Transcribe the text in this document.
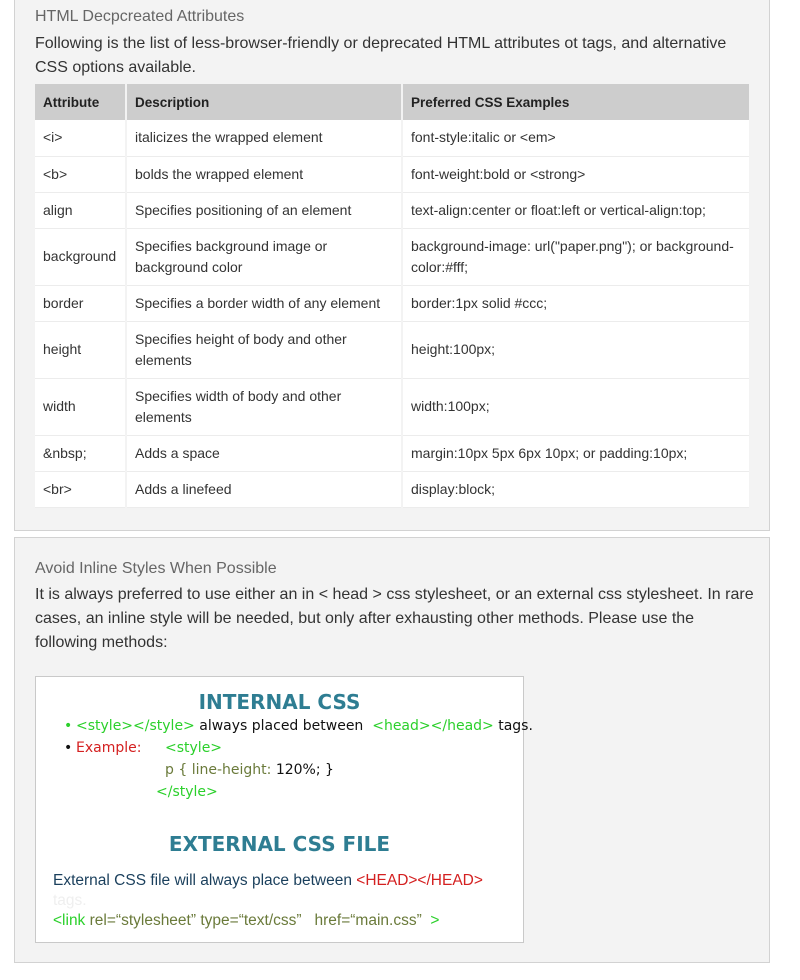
HTML Decpcreated Attributes
Following is the list of less-browser-friendly or deprecated HTML attributes ot tags, and alternative CSS options available.
Attribute	Description	Preferred CSS Examples
<i>	italicizes the wrapped element	font-style:italic or <em>
<b>	bolds the wrapped element	font-weight:bold or <strong>
align	Specifies positioning of an element	text-align:center or float:left or vertical-align:top;
background	Specifies background image or background color	background-image: url("paper.png"); or background-color:#fff;
border	Specifies a border width of any element	border:1px solid #ccc;
height	Specifies height of body and other elements	height:100px;
width	Specifies width of body and other elements	width:100px;
&nbsp;	Adds a space	margin:10px 5px 6px 10px; or padding:10px;
<br>	Adds a linefeed	display:block;
Avoid Inline Styles When Possible
It is always preferred to use either an in < head > css stylesheet, or an external css stylesheet. In rare cases, an inline style will be needed, but only after exhausting other methods. Please use the following methods:
INTERNAL CSS
• <style></style> always placed between <head></head> tags.
• Example: <style>
p { line-height: 120%; }
</style>
EXTERNAL CSS FILE
External CSS file will always place between <HEAD></HEAD>
tags.
<link rel=“stylesheet” type=“text/css” href=“main.css” >
